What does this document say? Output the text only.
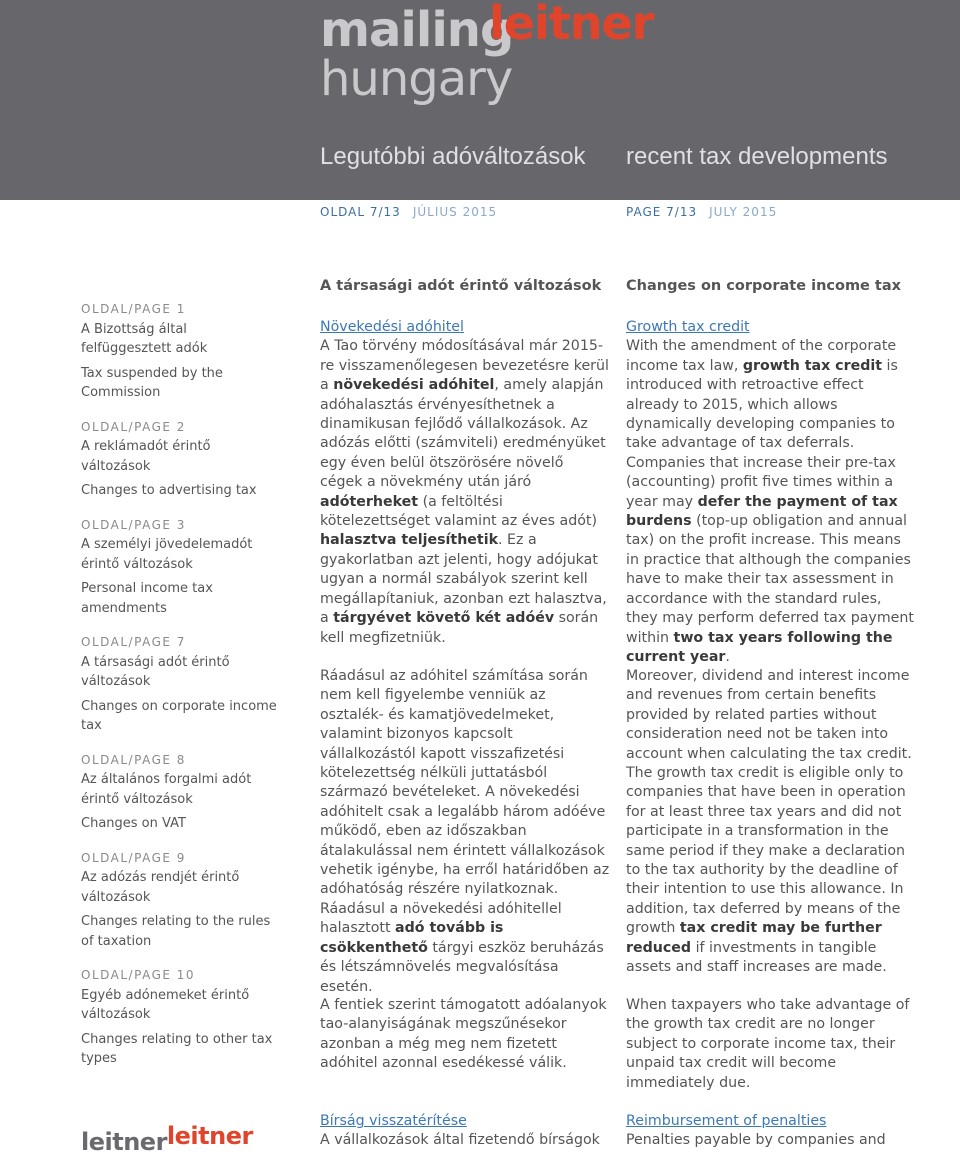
mailing
leitner
hungary
Legutóbbi adóváltozások	recent tax developments
OLDAL 7/13 JÚLIUS 2015	PAGE 7/13 JULY 2015
OLDAL/PAGE 1
A Bizottság által felfüggesztett adók
Tax suspended by the Commission
OLDAL/PAGE 2
A reklámadót érintő változások
Changes to advertising tax
OLDAL/PAGE 3
A személyi jövedelemadót érintő változások
Personal income tax amendments
OLDAL/PAGE 7
A társasági adót érintő változások
Changes on corporate income tax
OLDAL/PAGE 8
Az általános forgalmi adót érintő változások
Changes on VAT
OLDAL/PAGE 9
Az adózás rendjét érintő változások
Changes relating to the rules of taxation
OLDAL/PAGE 10
Egyéb adónemeket érintő változások
Changes relating to other tax types
A társasági adót érintő változások Changes on corporate income tax
Növekedési adóhitel

A Tao törvény módosításával már 2015-re visszamenőlegesen bevezetésre kerül a növekedési adóhitel, amely alapján adóhalasztás érvényesíthetnek a dinamikusan fejlődő vállalkozások. Az adózás előtti (számviteli) eredményüket egy éven belül ötszörösére növelő cégek a növekmény után járó adóterheket (a feltöltési kötelezettséget valamint az éves adót) halasztva teljesíthetik. Ez a gyakorlatban azt jelenti, hogy adójukat ugyan a normál szabályok szerint kell megállapítaniuk, azonban ezt halasztva, a tárgyévet követő két adóév során kell megfizetniük.

Ráadásul az adóhitel számítása során nem kell figyelembe venniük az osztalék- és kamatjövedelmeket, valamint bizonyos kapcsolt vállalkozástól kapott visszafizetési kötelezettség nélküli juttatásból származó bevételeket. A növekedési adóhitelt csak a legalább három adóéve működő, eben az időszakban átalakulással nem érintett vállalkozások vehetik igénybe, ha erről határidőben az adóhatóság részére nyilatkoznak.

Ráadásul a növekedési adóhitellel halasztott adó tovább is csökkenthető tárgyi eszköz beruházás és létszámnövelés megvalósítása esetén.

A fentiek szerint támogatott adóalanyok tao-alanyiságának megszűnésekor azonban a még meg nem fizetett adóhitel azonnal esedékessé válik.

Bírság visszatérítése

A vállalkozások által fizetendő bírságok

Growth tax credit

With the amendment of the corporate income tax law, growth tax credit is introduced with retroactive effect already to 2015, which allows dynamically developing companies to take advantage of tax deferrals. Companies that increase their pre-tax (accounting) profit five times within a year may defer the payment of tax burdens (top-up obligation and annual tax) on the profit increase. This means in practice that although the companies have to make their tax assessment in accordance with the standard rules, they may perform deferred tax payment within two tax years following the current year.

Moreover, dividend and interest income and revenues from certain benefits provided by related parties without consideration need not be taken into account when calculating the tax credit. The growth tax credit is eligible only to companies that have been in operation for at least three tax years and did not participate in a transformation in the same period if they make a declaration to the tax authority by the deadline of their intention to use this allowance. In addition, tax deferred by means of the growth tax credit may be further reduced if investments in tangible assets and staff increases are made.

When taxpayers who take advantage of the growth tax credit are no longer subject to corporate income tax, their unpaid tax credit will become immediately due.

Reimbursement of penalties

Penalties payable by companies and

leitnerleitner
